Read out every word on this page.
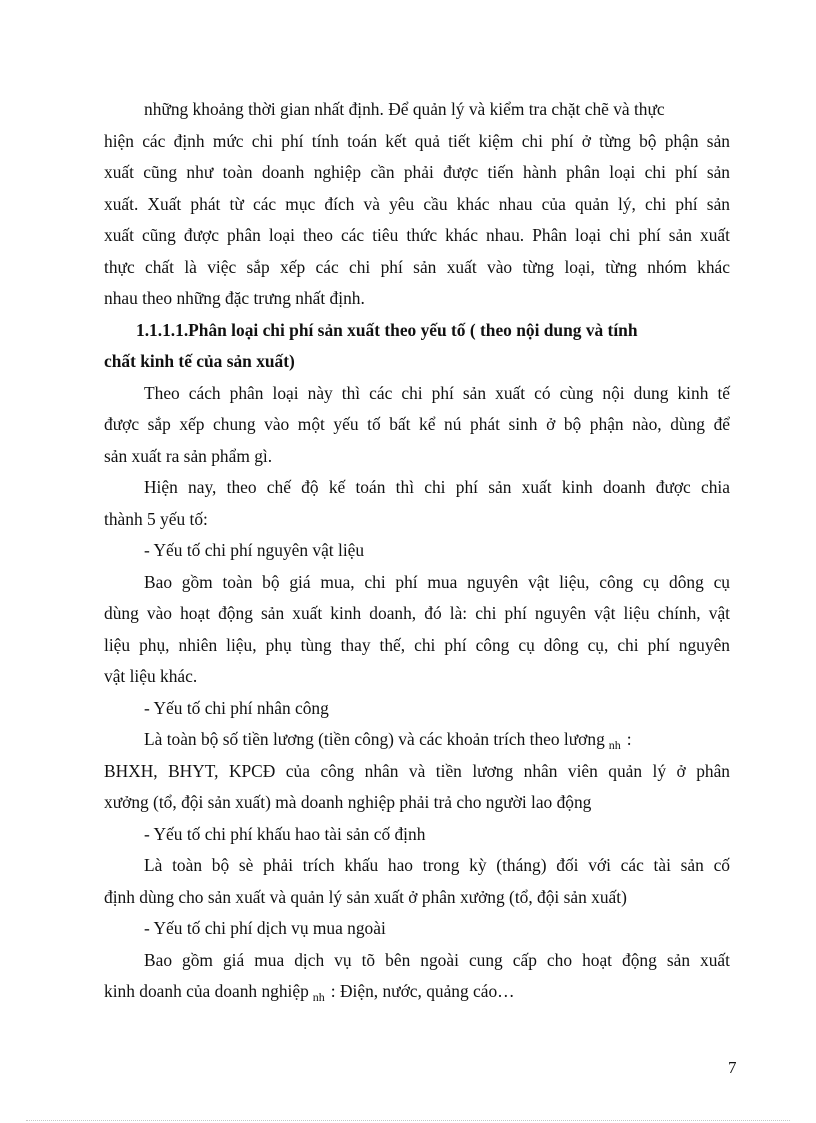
những khoảng thời gian nhất định. Để quản lý và kiểm tra chặt chẽ và thực
hiện các định mức chi phí tính toán kết quả tiết kiệm chi phí ở từng bộ phận sản
xuất cũng như toàn doanh nghiệp cần phải được tiến hành phân loại chi phí sản
xuất. Xuất phát từ các mục đích và yêu cầu khác nhau của quản lý, chi phí sản
xuất cũng được phân loại theo các tiêu thức khác nhau. Phân loại chi phí sản xuất
thực chất là việc sắp xếp các chi phí sản xuất vào từng loại, từng nhóm khác
nhau theo những đặc trưng nhất định.
1.1.1.1.Phân loại chi phí sản xuất theo yếu tố ( theo nội dung và tính
chất kinh tế của sản xuất)
Theo cách phân loại này thì các chi phí sản xuất có cùng nội dung kinh tế
được sắp xếp chung vào một yếu tố bất kể nú phát sinh ở bộ phận nào, dùng để
sản xuất ra sản phẩm gì.
Hiện nay, theo chế độ kế toán thì chi phí sản xuất kinh doanh được chia
thành 5 yếu tố:
- Yếu tố chi phí nguyên vật liệu
Bao gồm toàn bộ giá mua, chi phí mua nguyên vật liệu, công cụ dông cụ
dùng vào hoạt động sản xuất kinh doanh, đó là: chi phí nguyên vật liệu chính, vật
liệu phụ, nhiên liệu, phụ tùng thay thế, chi phí công cụ dông cụ, chi phí nguyên
vật liệu khác.
- Yếu tố chi phí nhân công
Là toàn bộ số tiền lương (tiền công) và các khoản trích theo lương $_{nh}$ :
BHXH, BHYT, KPCĐ của công nhân và tiền lương nhân viên quản lý ở phân
xưởng (tổ, đội sản xuất) mà doanh nghiệp phải trả cho người lao động
- Yếu tố chi phí khấu hao tài sản cố định
Là toàn bộ sè phải trích khấu hao trong kỳ (tháng) đối với các tài sản cố
định dùng cho sản xuất và quản lý sản xuất ở phân xưởng (tổ, đội sản xuất)
- Yếu tố chi phí dịch vụ mua ngoài
Bao gồm giá mua dịch vụ tõ bên ngoài cung cấp cho hoạt động sản xuất
kinh doanh của doanh nghiệp $_{nh}$ : Điện, nước, quảng cáo…
7
